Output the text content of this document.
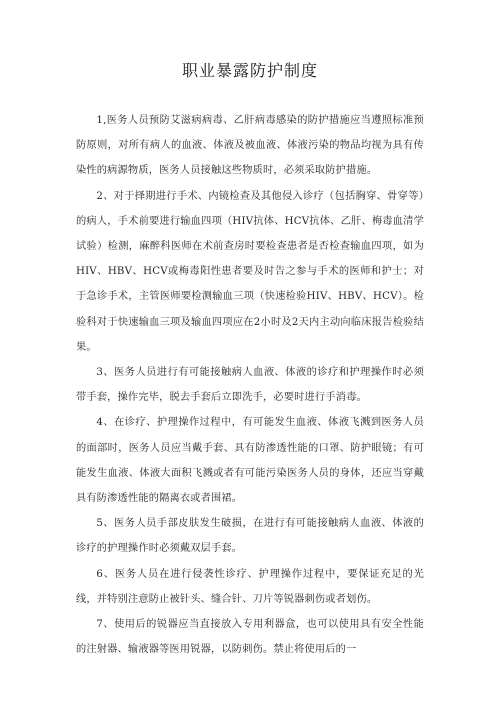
职业暴露防护制度

1,医务人员预防艾滋病病毒、乙肝病毒感染的防护措施应当遵照标准预防原则，对所有病人的血液、体液及被血液、体液污染的物品均视为具有传染性的病源物质，医务人员接触这些物质时，必须采取防护措施。

2、对于择期进行手术、内镜检查及其他侵入诊疗（包括胸穿、骨穿等）的病人，手术前要进行输血四项（HIV抗体、HCV抗体、乙肝、梅毒血清学试验）检测，麻醉科医师在术前查房时要检查患者是否检查输血四项，如为HIV、HBV、HCV或梅毒阳性患者要及时告之参与手术的医师和护士；对于急诊手术，主管医师要检测输血三项（快速检验HIV、HBV、HCV）。检验科对于快速输血三项及输血四项应在2小时及2天内主动向临床报告检验结果。

3、医务人员进行有可能接触病人血液、体液的诊疗和护理操作时必须带手套，操作完毕，脱去手套后立即洗手，必要时进行手消毒。

4、在诊疗、护理操作过程中，有可能发生血液、体液飞溅到医务人员的面部时，医务人员应当戴手套、具有防渗透性能的口罩、防护眼镜；有可能发生血液、体液大面积飞溅或者有可能污染医务人员的身体，还应当穿戴具有防渗透性能的隔离衣或者围裙。

5、医务人员手部皮肤发生破损，在进行有可能接触病人血液、体液的诊疗的护理操作时必须戴双层手套。

6、医务人员在进行侵袭性诊疗、护理操作过程中，要保证充足的光线，并特别注意防止被针头、缝合针、刀片等锐器刺伤或者划伤。

7、使用后的锐器应当直接放入专用利器盒，也可以使用具有安全性能的注射器、输液器等医用锐器，以防刺伤。禁止将使用后的一
